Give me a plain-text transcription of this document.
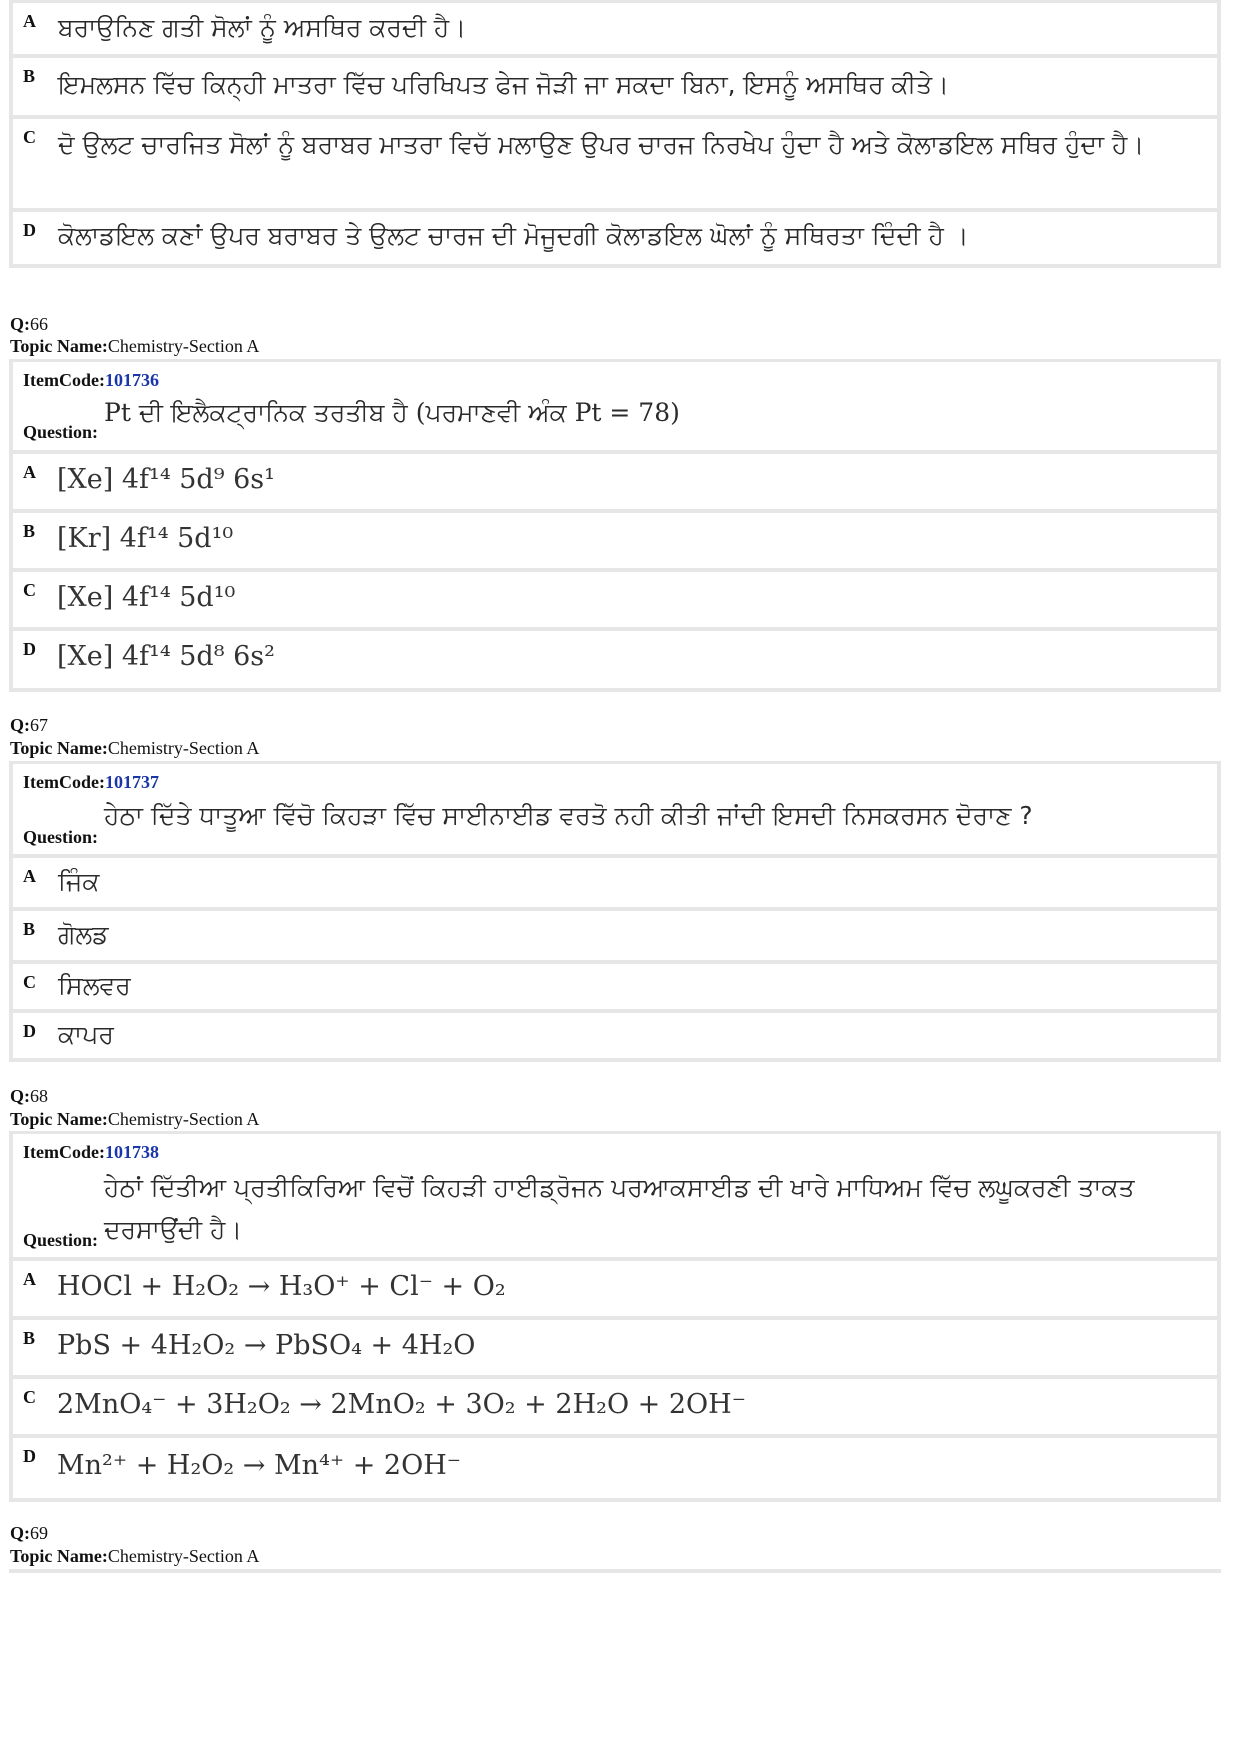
A ਬਰਾਉਨਿਣ ਗਤੀ ਸੋਲਾਂ ਨੂੰ ਅਸਥਿਰ ਕਰਦੀ ਹੈ।
B ਇਮਲਸਨ ਵਿੱਚ ਕਿਨ੍ਹੀ ਮਾਤਰਾ ਵਿੱਚ ਪਰਿਖਿਪਤ ਫੇਜ ਜੋੜੀ ਜਾ ਸਕਦਾ ਬਿਨਾ, ਇਸਨੂੰ ਅਸਥਿਰ ਕੀਤੇ।
C ਦੋ ਉਲਟ ਚਾਰਜਿਤ ਸੋਲਾਂ ਨੂੰ ਬਰਾਬਰ ਮਾਤਰਾ ਵਿਚੱ ਮਲਾਉਣ ਉਪਰ ਚਾਰਜ ਨਿਰਖੇਪ ਹੁੰਦਾ ਹੈ ਅਤੇ ਕੋਲਾਡਇਲ ਸਥਿਰ ਹੁੰਦਾ ਹੈ।
D ਕੋਲਾਡਇਲ ਕਣਾਂ ਉਪਰ ਬਰਾਬਰ ਤੇ ਉਲਟ ਚਾਰਜ ਦੀ ਮੋਜੂਦਗੀ ਕੋਲਾਡਇਲ ਘੋਲਾਂ ਨੂੰ ਸਥਿਰਤਾ ਦਿੰਦੀ ਹੈ ।
Q:66
Topic Name:Chemistry-Section A
ItemCode:101736
Pt ਦੀ ਇਲੈਕਟ੍ਰਾਨਿਕ ਤਰਤੀਬ ਹੈ (ਪਰਮਾਣਵੀ ਅੰਕ Pt = 78)
Question:
A [Xe] 4f¹⁴ 5d⁹ 6s¹
B [Kr] 4f¹⁴ 5d¹⁰
C [Xe] 4f¹⁴ 5d¹⁰
D [Xe] 4f¹⁴ 5d⁸ 6s²
Q:67
Topic Name:Chemistry-Section A
ItemCode:101737
ਹੇਠਾ ਦਿੱਤੇ ਧਾਤੂਆ ਵਿੱਚੋ ਕਿਹੜਾ ਵਿੱਚ ਸਾਈਨਾਈਡ ਵਰਤੋ ਨਹੀ ਕੀਤੀ ਜਾਂਦੀ ਇਸਦੀ ਨਿਸਕਰਸਨ ਦੋਰਾਣ ?
Question:
A ਜਿੰਕ
B ਗੋਲਡ
C ਸਿਲਵਰ
D ਕਾਪਰ
Q:68
Topic Name:Chemistry-Section A
ItemCode:101738
ਹੇਠਾਂ ਦਿੱਤੀਆ ਪ੍ਰਤੀਕਿਰਿਆ ਵਿਚੋਂ ਕਿਹੜੀ ਹਾਈਡ੍ਰੋਜਨ ਪਰਆਕਸਾਈਡ ਦੀ ਖਾਰੇ ਮਾਧਿਅਮ ਵਿੱਚ ਲਘੂਕਰਣੀ ਤਾਕਤ ਦਰਸਾਉਂਦੀ ਹੈ।
Question:
A HOCl + H₂O₂ → H₃O⁺ + Cl⁻ + O₂
B PbS + 4H₂O₂ → PbSO₄ + 4H₂O
C 2MnO₄⁻ + 3H₂O₂ → 2MnO₂ + 3O₂ + 2H₂O + 2OH⁻
D Mn²⁺ + H₂O₂ → Mn⁴⁺ + 2OH⁻
Q:69
Topic Name:Chemistry-Section A
